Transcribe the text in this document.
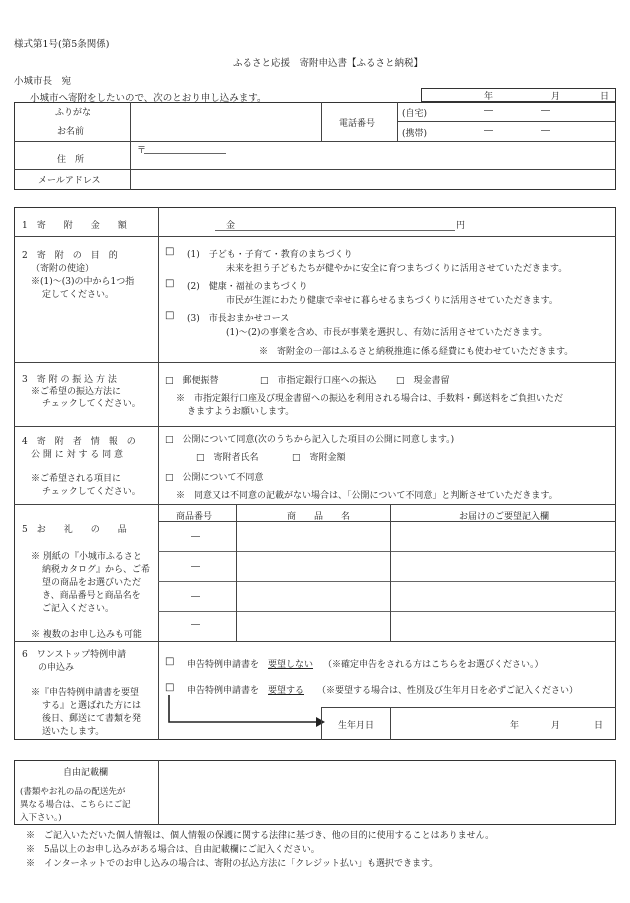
様式第1号(第5条関係)
ふるさと応援　寄附申込書【ふるさと納税】
小城市長　宛
小城市へ寄附をしたいので、次のとおり申し込みます。	年	月	日
ふりがな
お名前
電話番号
(自宅)	―	―
(携帯)	―	―
住　所
〒
メールアドレス
1　寄　　附　　金　　額	金	円
2　寄　附　の　目　的
（寄附の使途）
※(1)～(3)の中から1つ指
定してください。
□ (1)　子ども・子育て・教育のまちづくり
未来を担う子どもたちが健やかに安全に育つまちづくりに活用させていただきます。
□ (2)　健康・福祉のまちづくり
市民が生涯にわたり健康で幸せに暮らせるまちづくりに活用させていただきます。
□ (3)　市長おまかせコース
(1)～(2)の事業を含め、市長が事業を選択し、有効に活用させていただきます。
※　寄附金の一部はふるさと納税推進に係る経費にも使わせていただきます。
3　寄 附 の 振 込 方 法
※ご希望の振込方法に
チェックしてください。
□　郵便振替	□　市指定銀行口座への振込 □　現金書留
※　市指定銀行口座及び現金書留への振込を利用される場合は、手数料・郵送料をご負担いただ
きますようお願いします。
4　寄　附　者　情　報　の
公 開 に 対 す る 同 意
※ご希望される項目に
チェックしてください。
□　公開について同意(次のうちから記入した項目の公開に同意します。)
□　寄附者氏名	□　寄附金額
□　公開について不同意
※　同意又は不同意の記載がない場合は、「公開について不同意」と判断させていただきます。
5　お　　礼　　の　　品
※ 別紙の『小城市ふるさと
納税カタログ』から、ご希
望の商品をお選びいただ
き、商品番号と商品名を
ご記入ください。
※ 複数のお申し込みも可能
商品番号	商　　品　　名	お届けのご要望記入欄
―
―
―
―
6　ワンストップ特例申請
の申込み
※『申告特例申請書を要望
する』と選ばれた方には
後日、郵送にて書類を発
送いたします。
□ 申告特例申請書を 要望しない （※確定申告をされる方はこちらをお選びください。）
□ 申告特例申請書を 要望する （※要望する場合は、性別及び生年月日を必ずご記入ください）
生年月日	年	月	日
自由記載欄
(書類やお礼の品の配送先が
異なる場合は、こちらにご記
入下さい。)
※　ご記入いただいた個人情報は、個人情報の保護に関する法律に基づき、他の目的に使用することはありません。
※　5品以上のお申し込みがある場合は、自由記載欄にご記入ください。
※　インターネットでのお申し込みの場合は、寄附の払込方法に「クレジット払い」も選択できます。
